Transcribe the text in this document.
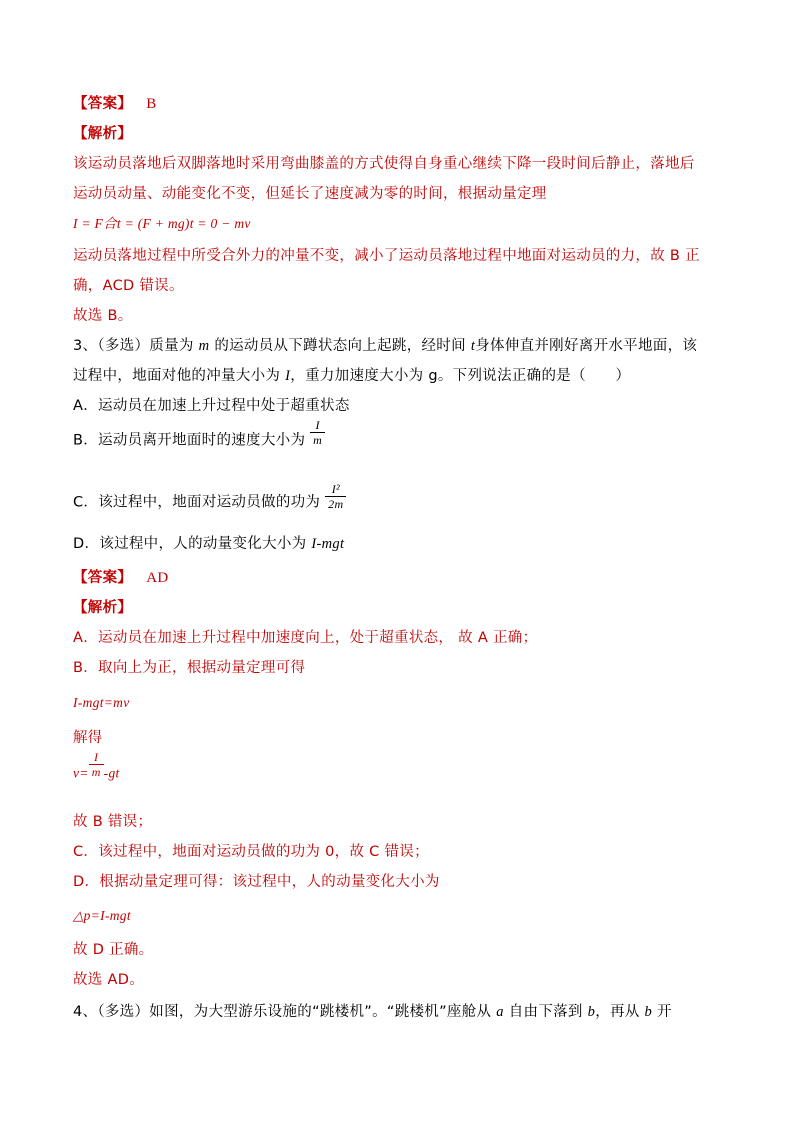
【答案】 B
【解析】
该运动员落地后双脚落地时采用弯曲膝盖的方式使得自身重心继续下降一段时间后静止，落地后
运动员动量、动能变化不变，但延长了速度减为零的时间，根据动量定理
I = F合t = (F + mg)t = 0 − mv
运动员落地过程中所受合外力的冲量不变，减小了运动员落地过程中地面对运动员的力，故 B 正
确，ACD 错误。
故选 B。
3、（多选）质量为 m 的运动员从下蹲状态向上起跳，经时间 t身体伸直并刚好离开水平地面，该
过程中，地面对他的冲量大小为 I，重力加速度大小为 g。下列说法正确的是（　　）
A．运动员在加速上升过程中处于超重状态
B．运动员离开地面时的速度大小为 $\frac{I}{m}$
C．该过程中，地面对运动员做的功为 $\frac{\text{I²}}{2m}$
D．该过程中，人的动量变化大小为 I-mgt
【答案】 AD
【解析】
A．运动员在加速上升过程中加速度向上，处于超重状态， 故 A 正确；
B．取向上为正，根据动量定理可得
I-mgt=mv
解得
$v= \frac{I}{m} -gt$
故 B 错误；
C．该过程中，地面对运动员做的功为 0，故 C 错误；
D．根据动量定理可得：该过程中，人的动量变化大小为
△p=I-mgt
故 D 正确。
故选 AD。
4、（多选）如图，为大型游乐设施的“跳楼机”。“跳楼机”座舱从 a 自由下落到 b，再从 b 开
